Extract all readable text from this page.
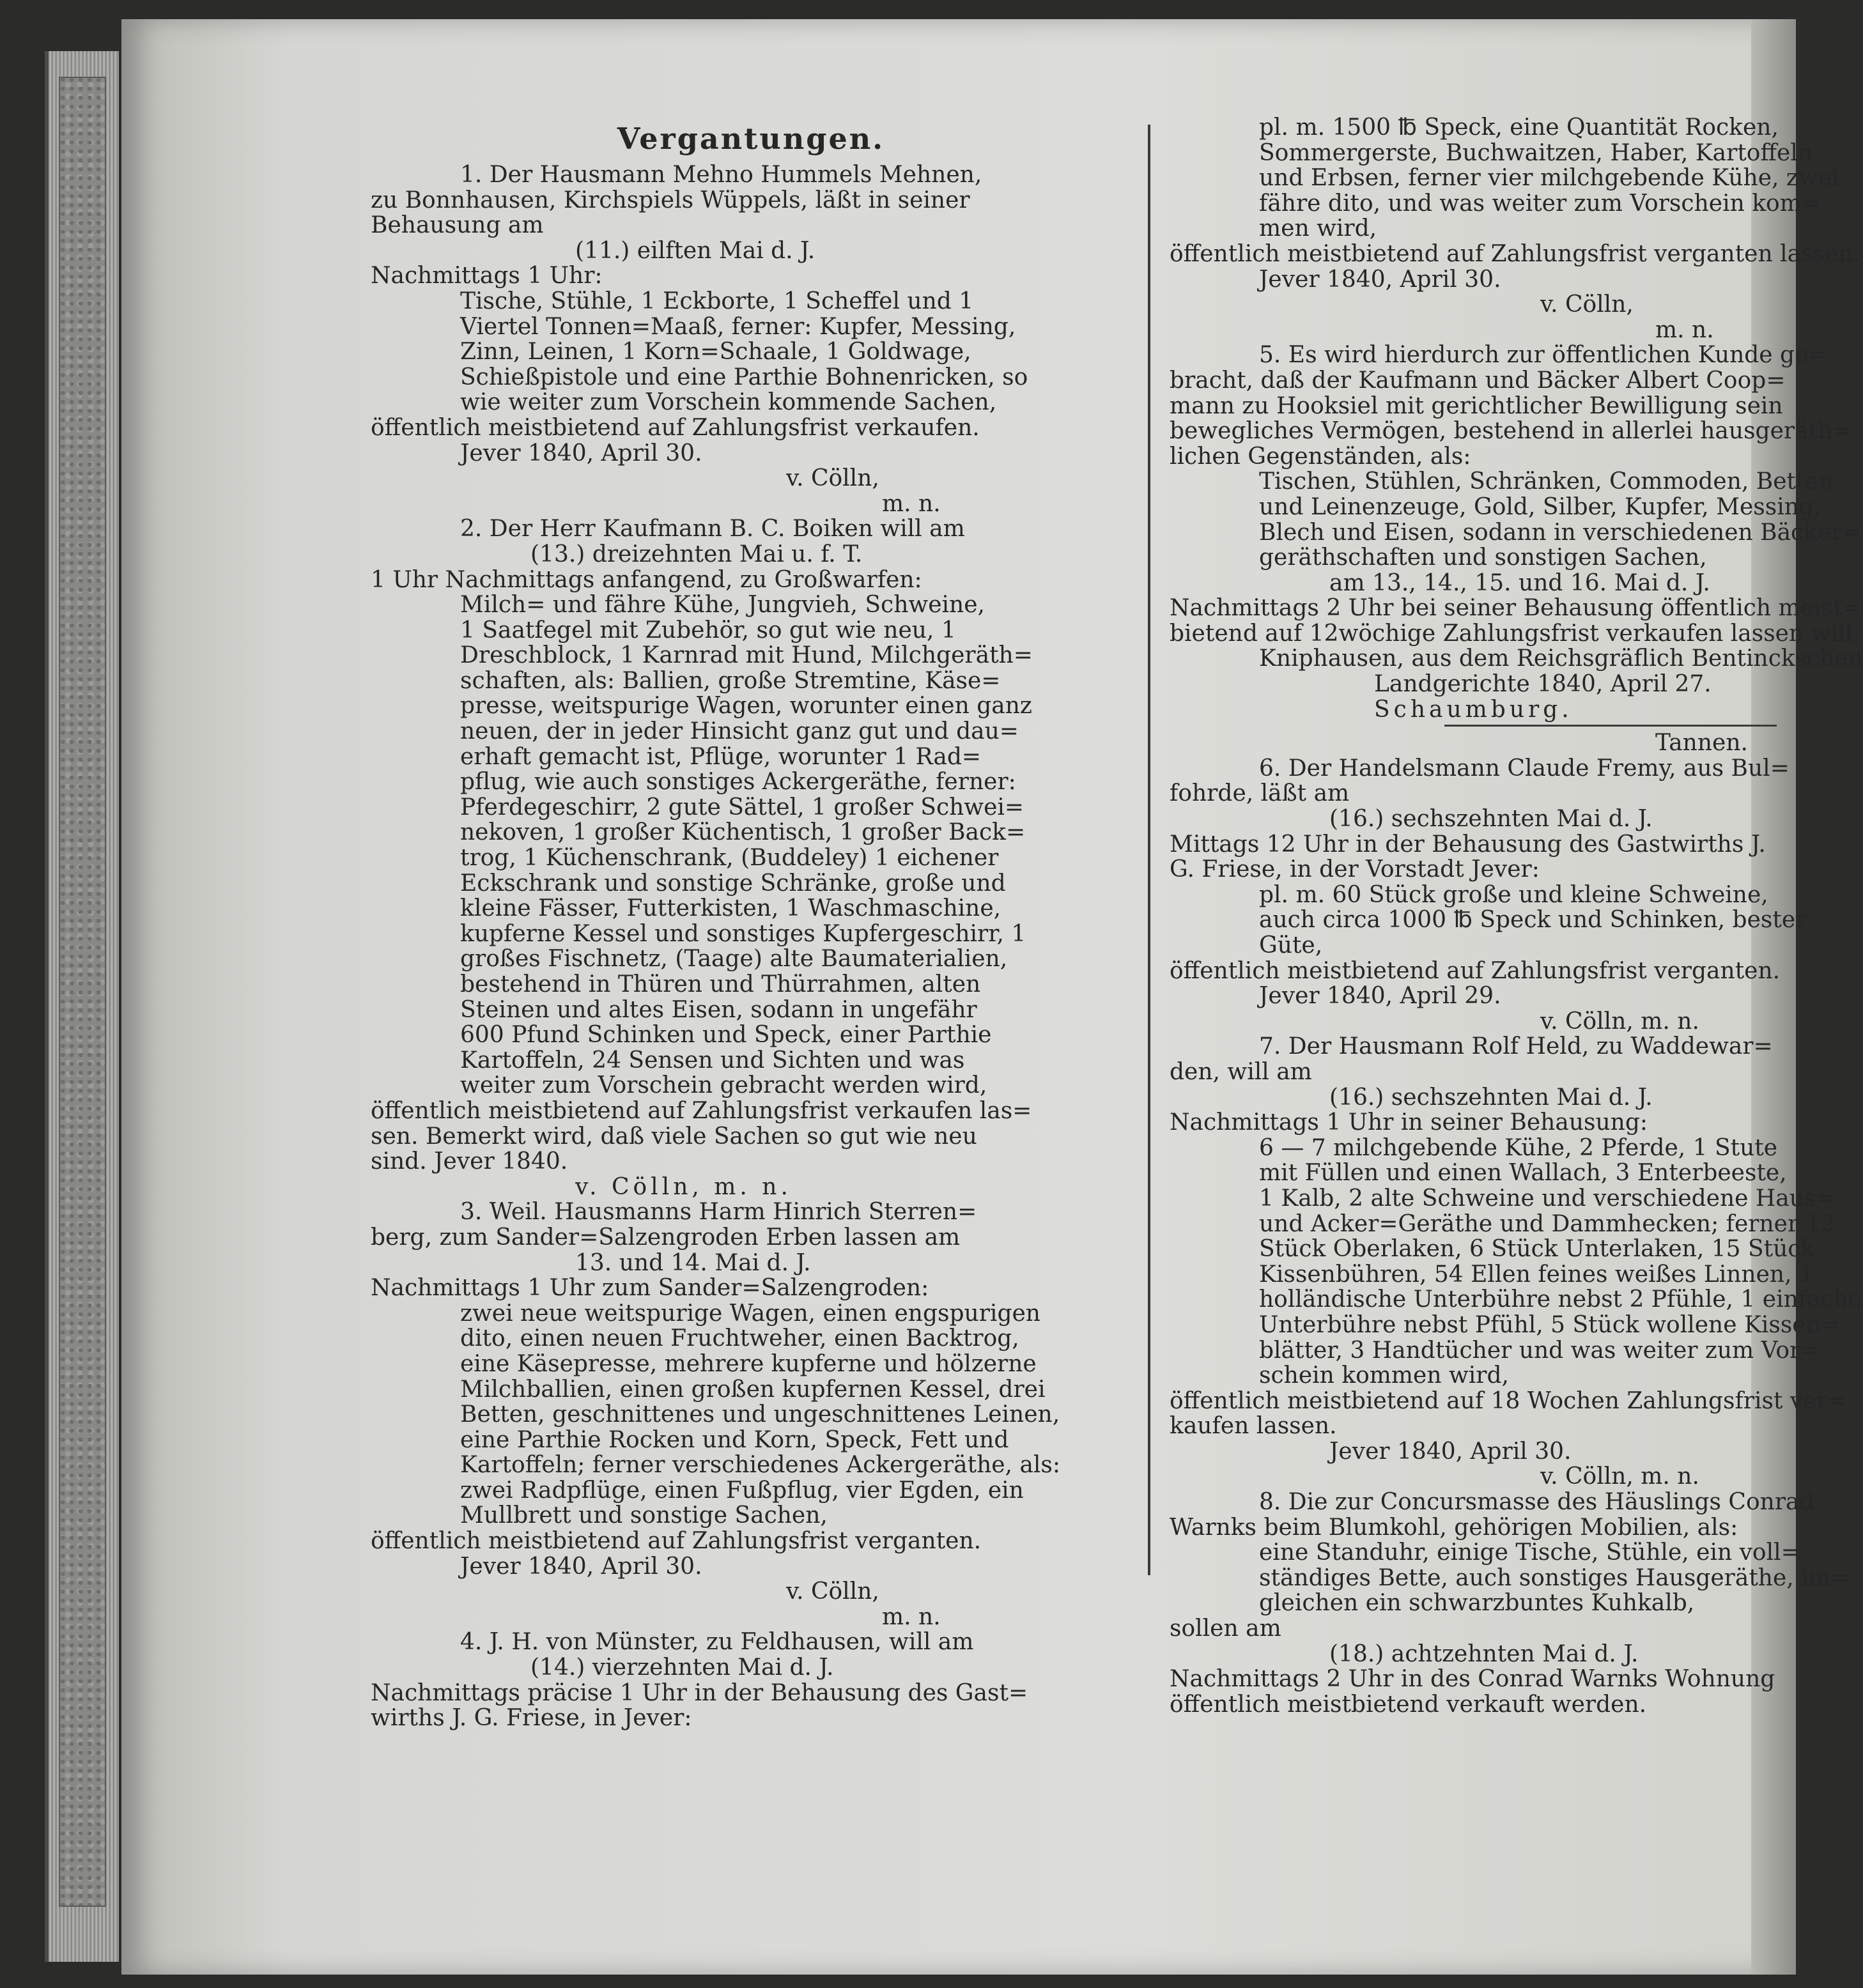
Vergantungen.
1. Der Hausmann Mehno Hummels Mehnen,
zu Bonnhausen, Kirchspiels Wüppels, läßt in seiner
Behausung am
(11.) eilften Mai d. J.
Nachmittags 1 Uhr:
Tische, Stühle, 1 Eckborte, 1 Scheffel und 1
Viertel Tonnen=Maaß, ferner: Kupfer, Messing,
Zinn, Leinen, 1 Korn=Schaale, 1 Goldwage,
Schießpistole und eine Parthie Bohnenricken, so
wie weiter zum Vorschein kommende Sachen,
öffentlich meistbietend auf Zahlungsfrist verkaufen.
Jever 1840, April 30.
v. Cölln,
m. n.
2. Der Herr Kaufmann B. C. Boiken will am
(13.) dreizehnten Mai u. f. T.
1 Uhr Nachmittags anfangend, zu Großwarfen:
Milch= und fähre Kühe, Jungvieh, Schweine,
1 Saatfegel mit Zubehör, so gut wie neu, 1
Dreschblock, 1 Karnrad mit Hund, Milchgeräth=
schaften, als: Ballien, große Stremtine, Käse=
presse, weitspurige Wagen, worunter einen ganz
neuen, der in jeder Hinsicht ganz gut und dau=
erhaft gemacht ist, Pflüge, worunter 1 Rad=
pflug, wie auch sonstiges Ackergeräthe, ferner:
Pferdegeschirr, 2 gute Sättel, 1 großer Schwei=
nekoven, 1 großer Küchentisch, 1 großer Back=
trog, 1 Küchenschrank, (Buddeley) 1 eichener
Eckschrank und sonstige Schränke, große und
kleine Fässer, Futterkisten, 1 Waschmaschine,
kupferne Kessel und sonstiges Kupfergeschirr, 1
großes Fischnetz, (Taage) alte Baumaterialien,
bestehend in Thüren und Thürrahmen, alten
Steinen und altes Eisen, sodann in ungefähr
600 Pfund Schinken und Speck, einer Parthie
Kartoffeln, 24 Sensen und Sichten und was
weiter zum Vorschein gebracht werden wird,
öffentlich meistbietend auf Zahlungsfrist verkaufen las=
sen. Bemerkt wird, daß viele Sachen so gut wie neu
sind. Jever 1840.
v. Cölln, m. n.
3. Weil. Hausmanns Harm Hinrich Sterren=
berg, zum Sander=Salzengroden Erben lassen am
13. und 14. Mai d. J.
Nachmittags 1 Uhr zum Sander=Salzengroden:
zwei neue weitspurige Wagen, einen engspurigen
dito, einen neuen Fruchtweher, einen Backtrog,
eine Käsepresse, mehrere kupferne und hölzerne
Milchballien, einen großen kupfernen Kessel, drei
Betten, geschnittenes und ungeschnittenes Leinen,
eine Parthie Rocken und Korn, Speck, Fett und
Kartoffeln; ferner verschiedenes Ackergeräthe, als:
zwei Radpflüge, einen Fußpflug, vier Egden, ein
Mullbrett und sonstige Sachen,
öffentlich meistbietend auf Zahlungsfrist verganten.
Jever 1840, April 30.
v. Cölln,
m. n.
4. J. H. von Münster, zu Feldhausen, will am
(14.) vierzehnten Mai d. J.
Nachmittags präcise 1 Uhr in der Behausung des Gast=
wirths J. G. Friese, in Jever:
pl. m. 1500 ℔ Speck, eine Quantität Rocken,
Sommergerste, Buchwaitzen, Haber, Kartoffeln
und Erbsen, ferner vier milchgebende Kühe, zwei
fähre dito, und was weiter zum Vorschein kom=
men wird,
öffentlich meistbietend auf Zahlungsfrist verganten lassen.
Jever 1840, April 30.
v. Cölln,
m. n.
5. Es wird hierdurch zur öffentlichen Kunde ge=
bracht, daß der Kaufmann und Bäcker Albert Coop=
mann zu Hooksiel mit gerichtlicher Bewilligung sein
bewegliches Vermögen, bestehend in allerlei hausgeräth=
lichen Gegenständen, als:
Tischen, Stühlen, Schränken, Commoden, Betten
und Leinenzeuge, Gold, Silber, Kupfer, Messing,
Blech und Eisen, sodann in verschiedenen Bäcker=
geräthschaften und sonstigen Sachen,
am 13., 14., 15. und 16. Mai d. J.
Nachmittags 2 Uhr bei seiner Behausung öffentlich meist=
bietend auf 12wöchige Zahlungsfrist verkaufen lassen will.
Kniphausen, aus dem Reichsgräflich Bentinckschen
Landgerichte 1840, April 27.
Schaumburg.
Tannen.
6. Der Handelsmann Claude Fremy, aus Bul=
fohrde, läßt am
(16.) sechszehnten Mai d. J.
Mittags 12 Uhr in der Behausung des Gastwirths J.
G. Friese, in der Vorstadt Jever:
pl. m. 60 Stück große und kleine Schweine,
auch circa 1000 ℔ Speck und Schinken, bester
Güte,
öffentlich meistbietend auf Zahlungsfrist verganten.
Jever 1840, April 29.
v. Cölln, m. n.
7. Der Hausmann Rolf Held, zu Waddewar=
den, will am
(16.) sechszehnten Mai d. J.
Nachmittags 1 Uhr in seiner Behausung:
6 — 7 milchgebende Kühe, 2 Pferde, 1 Stute
mit Füllen und einen Wallach, 3 Enterbeeste,
1 Kalb, 2 alte Schweine und verschiedene Haus=
und Acker=Geräthe und Dammhecken; ferner 12
Stück Oberlaken, 6 Stück Unterlaken, 15 Stück
Kissenbühren, 54 Ellen feines weißes Linnen, 1
holländische Unterbühre nebst 2 Pfühle, 1 einfache
Unterbühre nebst Pfühl, 5 Stück wollene Kissen=
blätter, 3 Handtücher und was weiter zum Vor=
schein kommen wird,
öffentlich meistbietend auf 18 Wochen Zahlungsfrist ver=
kaufen lassen.
Jever 1840, April 30.
v. Cölln, m. n.
8. Die zur Concursmasse des Häuslings Conrad
Warnks beim Blumkohl, gehörigen Mobilien, als:
eine Standuhr, einige Tische, Stühle, ein voll=
ständiges Bette, auch sonstiges Hausgeräthe, im=
gleichen ein schwarzbuntes Kuhkalb,
sollen am
(18.) achtzehnten Mai d. J.
Nachmittags 2 Uhr in des Conrad Warnks Wohnung
öffentlich meistbietend verkauft werden.
